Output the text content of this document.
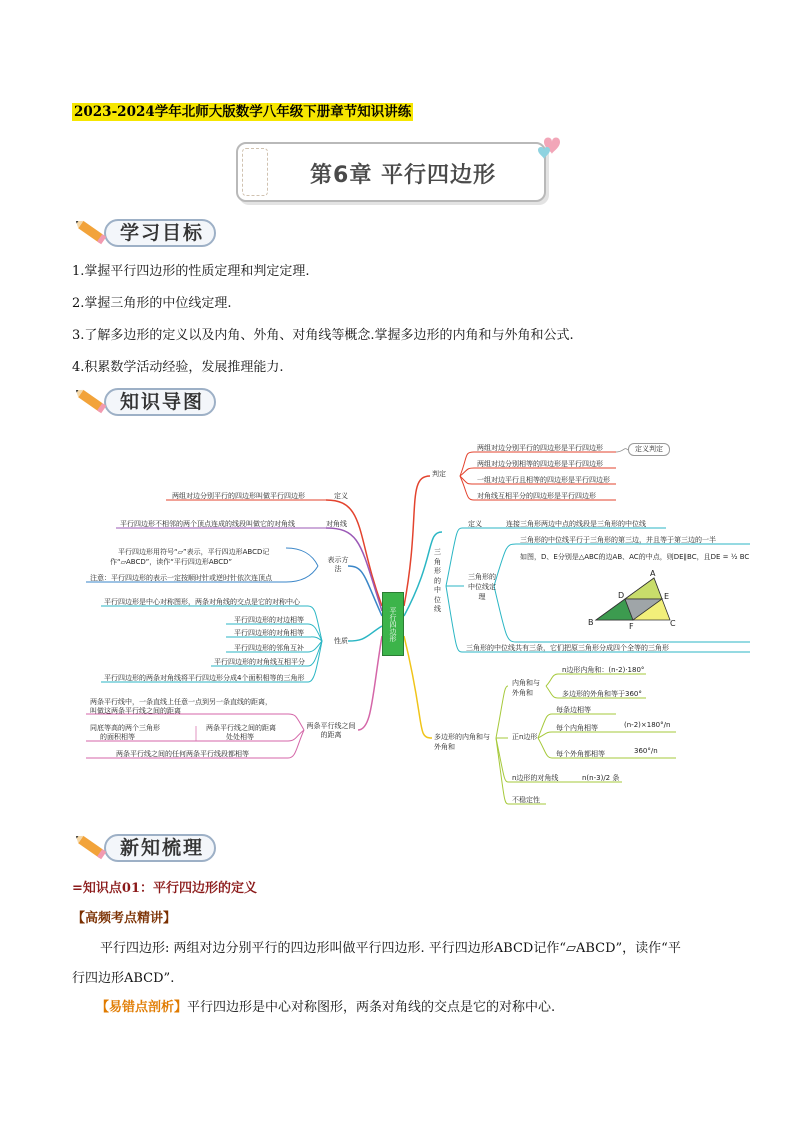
2023-2024学年北师大版数学八年级下册章节知识讲练
第6章 平行四边形
学习目标
1.掌握平行四边形的性质定理和判定定理.
2.掌握三角形的中位线定理.
3.了解多边形的定义以及内角、外角、对角线等概念.掌握多边形的内角和与外角和公式.
4.积累数学活动经验，发展推理能力.
知识导图
平行四边形
两组对边分别平行的四边形叫做平行四边形	定义
平行四边形不相邻的两个顶点连成的线段叫做它的对角线	对角线
平行四边形用符号“▱”表示，平行四边形ABCD记
作“▱ABCD”，读作“平行四边形ABCD”
注意：平行四边形的表示一定按顺时针或逆时针依次连顶点
表示方法
平行四边形是中心对称图形，两条对角线的交点是它的对称中心
平行四边形的对边相等
平行四边形的对角相等
平行四边形的邻角互补
平行四边形的对角线互相平分
平行四边形的两条对角线将平行四边形分成4个面积相等的三角形
性质
两条平行线中，一条直线上任意一点到另一条直线的距离，
叫做这两条平行线之间的距离
同底等高的两个三角形
的面积相等
两条平行线之间的距离
处处相等
两条平行线之间的任何两条平行线段都相等
两条平行线之间的距离
判定
两组对边分别平行的四边形是平行四边形
两组对边分别相等的四边形是平行四边形
一组对边平行且相等的四边形是平行四边形
对角线互相平分的四边形是平行四边形
定义判定
三角形的中位线
定义	连接三角形两边中点的线段是三角形的中位线
三角形的中位线定理
三角形的中位线平行于三角形的第三边，并且等于第三边的一半
如图，D、E分别是△ABC的边AB、AC的中点，则DE∥BC，且DE = ½ BC
A
D	E
B	F	C
三角形的中位线共有三条，它们把原三角形分成四个全等的三角形
多边形的内角和与外角和
内角和与外角和
n边形内角和：(n-2)·180°
多边形的外角和等于360°
正n边形
每条边相等
每个内角相等	(n-2)×180°/n
每个外角都相等	360°/n
n边形的对角线	n(n-3)/2 条
不稳定性
新知梳理
=知识点01：平行四边形的定义
【高频考点精讲】
平行四边形: 两组对边分别平行的四边形叫做平行四边形. 平行四边形ABCD记作“▱ABCD”，读作“平
行四边形ABCD”.
【易错点剖析】平行四边形是中心对称图形，两条对角线的交点是它的对称中心.
